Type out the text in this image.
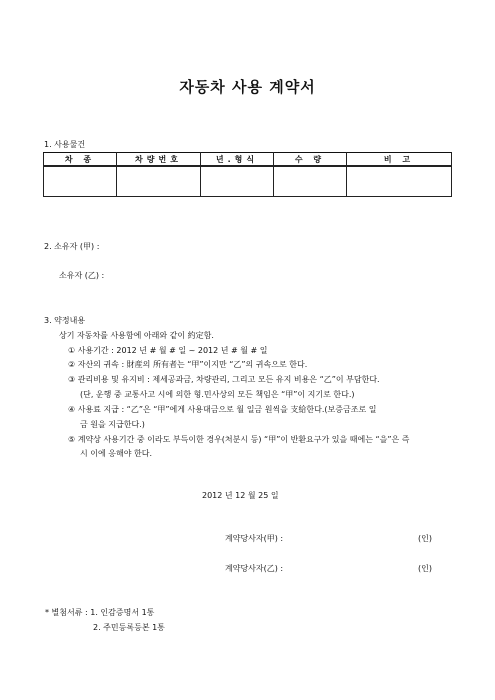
자동차 사용 계약서
1. 사용물건
차 종	차량번호	년.형식	수 량	비 고

2. 소유자 (甲) :
소유자 (乙) :
3. 약정내용
상기 자동차를 사용함에 아래와 같이 約定함.
① 사용기간 : 2012 년 # 월 # 일 ~ 2012 년 # 월 # 일
② 자산의 귀속 : 財産의 所有者는 “甲”이지만 “乙”의 귀속으로 한다.
③ 관리비용 및 유지비 : 제세공과금, 차량관리, 그리고 모든 유지 비용은 “乙”이 부담한다.
(단, 운행 중 교통사고 시에 의한 형.민사상의 모든 책임은 “甲”이 지기로 한다.)
④ 사용료 지급 : “乙”은 “甲”에게 사용대금으로 월 일금 원씩을 支給한다.(보증금조로 일
금 원을 지급한다.)
⑤ 계약상 사용기간 중 이라도 부득이한 경우(처분시 등) “甲”이 반환요구가 있을 때에는 “을”은 즉
시 이에 응해야 한다.
2012 년 12 월 25 일
계약당사자(甲) :	(인)
계약당사자(乙) :	(인)
* 별첨서류 : 1. 인감증명서 1통
2. 주민등록등본 1통
